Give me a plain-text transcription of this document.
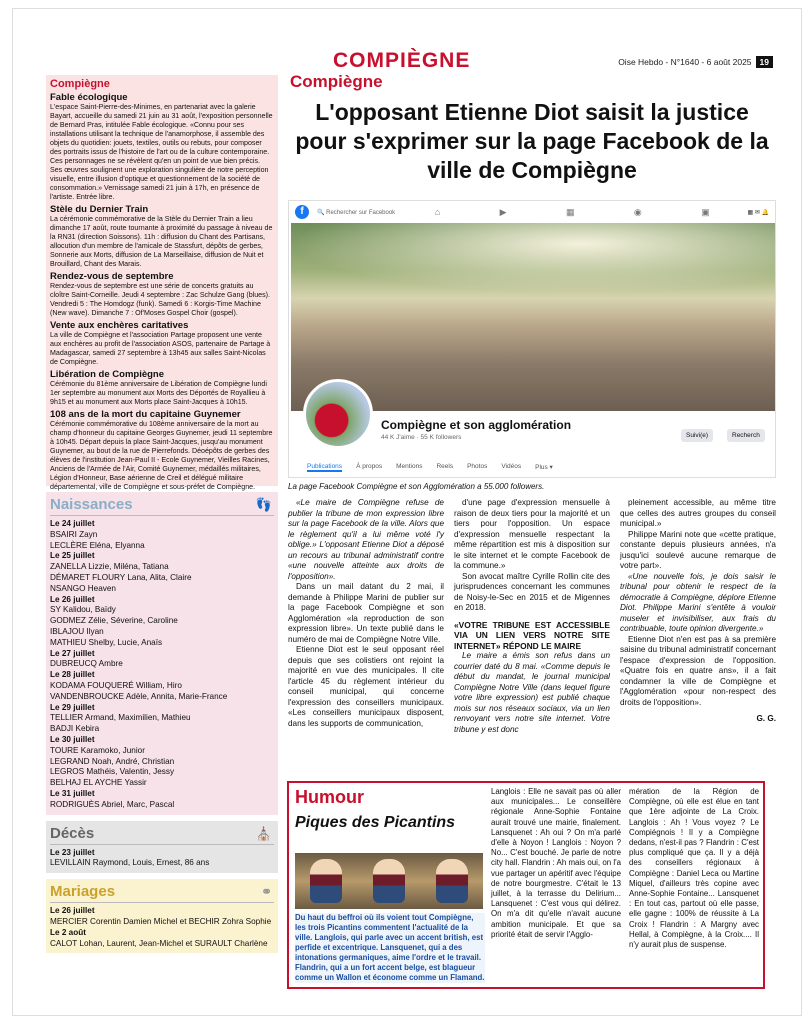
COMPIÈGNE	Oise Hebdo - N°1640 - 6 août 2025 19
Compiègne
Fable écologique
L'espace Saint-Pierre-des-Minimes, en partenariat avec la galerie Bayart, accueille du samedi 21 juin au 31 août, l'exposition personnelle de Bernard Pras, intitulée Fable écologique. «Connu pour ses installations utilisant la technique de l'anamorphose, il assemble des objets du quotidien: jouets, textiles, outils ou rebuts, pour composer des portraits issus de l'histoire de l'art ou de la culture contemporaine. Ces personnages ne se révèlent qu'en un point de vue bien précis. Ses œuvres soulignent une exploration singulière de notre perception visuelle, entre illusion d'optique et questionnement de la société de consommation.» Vernissage samedi 21 juin à 17h, en présence de l'artiste. Entrée libre.
Stèle du Dernier Train
La cérémonie commémorative de la Stèle du Dernier Train a lieu dimanche 17 août, route tournante à proximité du passage à niveau de la RN31 (direction Soissons). 11h : diffusion du Chant des Partisans, allocution d'un membre de l'amicale de Stassfurt, dépôts de gerbes, Sonnerie aux Morts, diffusion de La Marseillaise, diffusion de Nuit et Brouillard, Chant des Marais.
Rendez-vous de septembre
Rendez-vous de septembre est une série de concerts gratuits au cloître Saint-Corneille. Jeudi 4 septembre : Zac Schulze Gang (blues). Vendredi 5 : The Homdogz (funk). Samedi 6 : Korgis-Time Machine (New wave). Dimanche 7 : Of'Moses Gospel Choir (gospel).
Vente aux enchères caritatives
La ville de Compiègne et l'association Partage proposent une vente aux enchères au profit de l'association ASOS, partenaire de Partage à Madagascar, samedi 27 septembre à 13h45 aux salles Saint-Nicolas de Compiègne.
Libération de Compiègne
Cérémonie du 81ème anniversaire de Libération de Compiègne lundi 1er septembre au monument aux Morts des Déportés de Royallieu à 9h15 et au monument aux Morts place Saint-Jacques à 10h15.
108 ans de la mort du capitaine Guynemer
Cérémonie commémorative du 108ème anniversaire de la mort au champ d'honneur du capitaine Georges Guynemer, jeudi 11 septembre à 10h45. Départ depuis la place Saint-Jacques, jusqu'au monument Guynemer, au bout de la rue de Pierrefonds. Déoépôts de gerbes des élèves de l'institution Jean-Paul II - Ecole Guynemer, Vieilles Racines, Anciens de l'Armée de l'Air, Comité Guynemer, médaillés militaires, Légion d'Honneur, Base aérienne de Creil et délégué militaire départemental, ville de Compiègne et sous-préfet de Compiègne.
Naissances	👣
Le 24 juillet
BSAIRI Zayn
LECLÈRE Eléna, Elyanna
Le 25 juillet
ZANELLA Lizzie, Miléna, Tatiana
DÉMARET FLOURY Lana, Alita, Claire
NSANGO Heaven
Le 26 juillet
SY Kalidou, Baïdy
GODMEZ Zélie, Séverine, Caroline
IBLAJOU Ilyan
MATHIEU Shelby, Lucie, Anaïs
Le 27 juillet
DUBREUCQ Ambre
Le 28 juillet
KODAMA FOUQUERÉ William, Hiro
VANDENBROUCKE Adèle, Annita, Marie-France
Le 29 juillet
TELLIER Armand, Maximilien, Mathieu
BADJI Kebira
Le 30 juillet
TOURE Karamoko, Junior
LEGRAND Noah, André, Christian
LEGROS Mathéis, Valentin, Jessy
BELHAJ EL AYCHE Yassir
Le 31 juillet
RODRIGUÈS Abriel, Marc, Pascal
Décès	⛪
Le 23 juillet
LEVILLAIN Raymond, Louis, Ernest, 86 ans
Mariages	⚭
Le 26 juillet
MERCIER Corentin Damien Michel et BECHIR Zohra Sophie
Le 2 août
CALOT Lohan, Laurent, Jean-Michel et SURAULT Charlène
Compiègne
L'opposant Etienne Diot saisit la justice pour s'exprimer sur la page Facebook de la ville de Compiègne
f	🔍 Rechercher sur Facebook	⌂	▶	▦	◉	▣	▦ ✉ 🔔
Compiègne et son agglomération
44 K J'aime · 55 K followers	Suivi(e)	Recherch
Publications À propos Mentions Reels Photos Vidéos Plus ▾
La page Facebook Compiègne et son Agglomération a 55.000 followers.

«Le maire de Compiègne refuse de publier la tribune de mon expression libre sur la page Facebook de la ville. Alors que le règlement qu'il a lui même voté l'y oblige.» L'opposant Etienne Diot a déposé un recours au tribunal administratif contre «une nouvelle atteinte aux droits de l'opposition».

Dans un mail datant du 2 mai, il demande à Philippe Marini de publier sur la page Facebook Compiègne et son Agglomération «la reproduction de son expression libre». Un texte publié dans le numéro de mai de Compiègne Notre Ville.

Etienne Diot est le seul opposant réel depuis que ses colistiers ont rejoint la majorité en vue des municipales. Il cite l'article 45 du règlement intérieur du conseil municipal, qui concerne l'expression des conseillers municipaux. «Les conseillers municipaux disposent, dans les supports de communication,

d'une page d'expression mensuelle à raison de deux tiers pour la majorité et un tiers pour l'opposition. Un espace d'expression mensuelle respectant la même répartition est mis à disposition sur le site internet et le compte Facebook de la commune.»

Son avocat maître Cyrille Rollin cite des jurisprudences concernant les communes de Noisy-le-Sec en 2015 et de Migennes en 2018.

«VOTRE TRIBUNE EST ACCESSIBLE VIA UN LIEN VERS NOTRE SITE INTERNET» RÉPOND LE MAIRE

Le maire a émis son refus dans un courrier daté du 8 mai. «Comme depuis le début du mandat, le journal municipal Compiègne Notre Ville (dans lequel figure votre libre expression) est publié chaque mois sur nos réseaux sociaux, via un lien renvoyant vers notre site internet. Votre tribune y est donc

pleinement accessible, au même titre que celles des autres groupes du conseil municipal.»

Philippe Marini note que «cette pratique, constante depuis plusieurs années, n'a jusqu'ici soulevé aucune remarque de votre part».

«Une nouvelle fois, je dois saisir le tribunal pour obtenir le respect de la démocratie à Compiègne, déplore Etienne Diot. Philippe Marini s'entête à vouloir museler et invisibiliser, aux frais du contribuable, toute opinion divergente.»

Etienne Diot n'en est pas à sa première saisine du tribunal administratif concernant l'espace d'expression de l'opposition. «Quatre fois en quatre ans», il a fait condamner la ville de Compiègne et l'Agglomération «pour non-respect des droits de l'opposition».

G. G.
Humour
Piques des Picantins
Du haut du beffroi où ils voient tout Compiègne, les trois Picantins commentent l'actualité de la ville. Langlois, qui parle avec un accent british, est perfide et excentrique. Lansquenet, qui a des intonations germaniques, aime l'ordre et le travail. Flandrin, qui a un fort accent belge, est blagueur comme un Wallon et économe comme un Flamand.
Langlois : Elle ne savait pas où aller aux municipales... Le conseillère régionale Anne-Sophie Fontaine aurait trouvé une mairie, finalement. Lansquenet : Ah oui ? On m'a parlé d'elle à Noyon ! Langlois : Noyon ? No... C'est bouché. Je parle de notre city hall. Flandrin : Ah mais oui, on l'a vue partager un apéritif avec l'équipe de notre bourgmestre. C'était le 13 juillet, à la terrasse du Delirium... Lansquenet : C'est vous qui délirez. On m'a dit qu'elle n'avait aucune ambition municipale. Et que sa priorité était de servir l'Agglo-
mération de la Région de Compiègne, où elle est élue en tant que 1ère adjointe de La Croix. Langlois : Ah ! Vous voyez ? Le Compiégnois ! Il y a Compiègne dedans, n'est-il pas ? Flandrin : C'est plus compliqué que ça. Il y a déjà des conseillers régionaux à Compiègne : Daniel Leca ou Martine Miquel, d'ailleurs très copine avec Anne-Sophie Fontaine... Lansquenet : En tout cas, partout où elle passe, elle gagne : 100% de réussite à La Croix ! Flandrin : A Margny avec Hellal, à Compiègne, à la Croix.... Il n'y aurait plus de suspense.
